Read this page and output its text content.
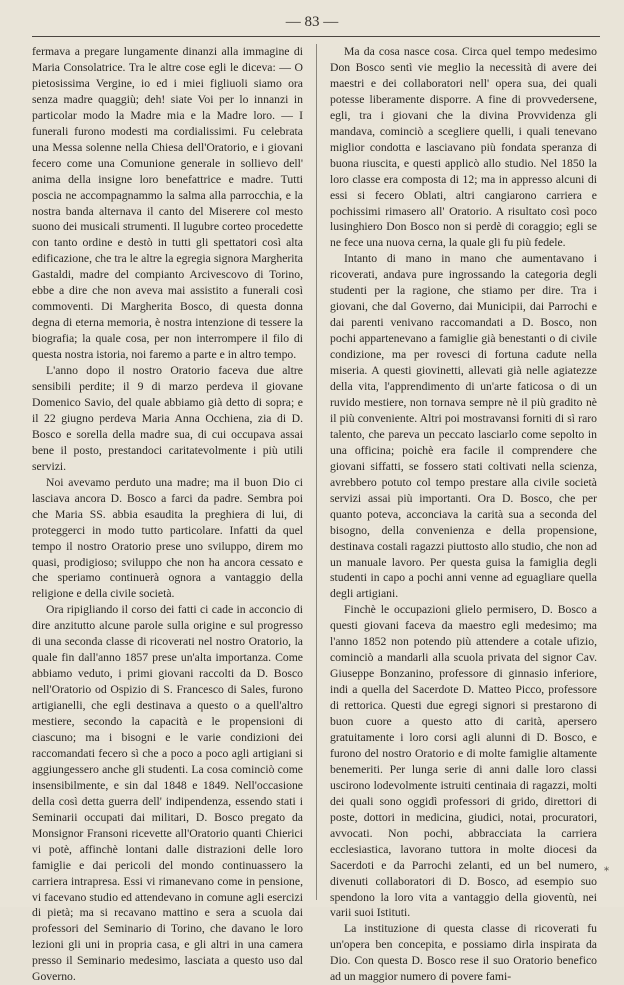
— 83 —

fermava a pregare lungamente dinanzi alla immagine di Maria Consolatrice. Tra le altre cose egli le diceva: — O pietosissima Vergine, io ed i miei figliuoli siamo ora senza madre quaggiù; deh! siate Voi per lo innanzi in particolar modo la Madre mia e la Madre loro. — I funerali furono modesti ma cordialissimi. Fu celebrata una Messa solenne nella Chiesa dell'Oratorio, e i giovani fecero come una Comunione generale in sollievo dell' anima della insigne loro benefattrice e madre. Tutti poscia ne accompagnammo la salma alla parrocchia, e la nostra banda alternava il canto del Miserere col mesto suono dei musicali strumenti. Il lugubre corteo procedette con tanto ordine e destò in tutti gli spettatori così alta edificazione, che tra le altre la egregia signora Margherita Gastaldi, madre del compianto Arcivescovo di Torino, ebbe a dire che non aveva mai assistito a funerali così commoventi. Di Margherita Bosco, di questa donna degna di eterna memoria, è nostra intenzione di tessere la biografia; la quale cosa, per non interrompere il filo di questa nostra istoria, noi faremo a parte e in altro tempo.

L'anno dopo il nostro Oratorio faceva due altre sensibili perdite; il 9 di marzo perdeva il giovane Domenico Savio, del quale abbiamo già detto di sopra; e il 22 giugno perdeva Maria Anna Occhiena, zia di D. Bosco e sorella della madre sua, di cui occupava assai bene il posto, prestandoci caritatevolmente i più utili servizi.

Noi avevamo perduto una madre; ma il buon Dio ci lasciava ancora D. Bosco a farci da padre. Sembra poi che Maria SS. abbia esaudita la preghiera di lui, di proteggerci in modo tutto particolare. Infatti da quel tempo il nostro Oratorio prese uno sviluppo, direm mo quasi, prodigioso; sviluppo che non ha ancora cessato e che speriamo continuerà ognora a vantaggio della religione e della civile società.

Ora ripigliando il corso dei fatti ci cade in acconcio di dire anzitutto alcune parole sulla origine e sul progresso di una seconda classe di ricoverati nel nostro Oratorio, la quale fin dall'anno 1857 prese un'alta importanza. Come abbiamo veduto, i primi giovani raccolti da D. Bosco nell'Oratorio od Ospizio di S. Francesco di Sales, furono artigianelli, che egli destinava a questo o a quell'altro mestiere, secondo la capacità e le propensioni di ciascuno; ma i bisogni e le varie condizioni dei raccomandati fecero sì che a poco a poco agli artigiani si aggiungessero anche gli studenti. La cosa cominciò come insensibilmente, e sin dal 1848 e 1849. Nell'occasione della così detta guerra dell' indipendenza, essendo stati i Seminarii occupati dai militari, D. Bosco pregato da Monsignor Fransoni ricevette all'Oratorio quanti Chierici vi potè, affinchè lontani dalle distrazioni delle loro famiglie e dai pericoli del mondo continuassero la carriera intrapresa. Essi vi rimanevano come in pensione, vi facevano studio ed attendevano in comune agli esercizi di pietà; ma si recavano mattino e sera a scuola dai professori del Seminario di Torino, che davano le loro lezioni gli uni in propria casa, e gli altri in una camera presso il Seminario medesimo, lasciata a questo uso dal Governo.

Ma da cosa nasce cosa. Circa quel tempo medesimo Don Bosco sentì vie meglio la necessità di avere dei maestri e dei collaboratori nell' opera sua, dei quali potesse liberamente disporre. A fine di provvedersene, egli, tra i giovani che la divina Provvidenza gli mandava, cominciò a scegliere quelli, i quali tenevano miglior condotta e lasciavano più fondata speranza di buona riuscita, e questi applicò allo studio. Nel 1850 la loro classe era composta di 12; ma in appresso alcuni di essi si fecero Oblati, altri cangiarono carriera e pochissimi rimasero all' Oratorio. A risultato così poco lusinghiero Don Bosco non si perdè di coraggio; egli se ne fece una nuova cerna, la quale gli fu più fedele.

Intanto di mano in mano che aumentavano i ricoverati, andava pure ingrossando la categoria degli studenti per la ragione, che stiamo per dire. Tra i giovani, che dal Governo, dai Municipii, dai Parrochi e dai parenti venivano raccomandati a D. Bosco, non pochi appartenevano a famiglie già benestanti o di civile condizione, ma per rovesci di fortuna cadute nella miseria. A questi giovinetti, allevati già nelle agiatezze della vita, l'apprendimento di un'arte faticosa o di un ruvido mestiere, non tornava sempre nè il più gradito nè il più conveniente. Altri poi mostravansi forniti di sì raro talento, che pareva un peccato lasciarlo come sepolto in una officina; poichè era facile il comprendere che giovani siffatti, se fossero stati coltivati nella scienza, avrebbero potuto col tempo prestare alla civile società servizi assai più importanti. Ora D. Bosco, che per quanto poteva, acconciava la carità sua a seconda del bisogno, della convenienza e della propensione, destinava costali ragazzi piuttosto allo studio, che non ad un manuale lavoro. Per questa guisa la famiglia degli studenti in capo a pochi anni venne ad eguagliare quella degli artigiani.

Finchè le occupazioni glielo permisero, D. Bosco a questi giovani faceva da maestro egli medesimo; ma l'anno 1852 non potendo più attendere a cotale ufizio, cominciò a mandarli alla scuola privata del signor Cav. Giuseppe Bonzanino, professore di ginnasio inferiore, indi a quella del Sacerdote D. Matteo Picco, professore di rettorica. Questi due egregi signori si prestarono di buon cuore a questo atto di carità, apersero gratuitamente i loro corsi agli alunni di D. Bosco, e furono del nostro Oratorio e di molte famiglie altamente benemeriti. Per lunga serie di anni dalle loro classi uscirono lodevolmente istruiti centinaia di ragazzi, molti dei quali sono oggidì professori di grido, direttori di poste, dottori in medicina, giudici, notai, procuratori, avvocati. Non pochi, abbracciata la carriera ecclesiastica, lavorano tuttora in molte diocesi da Sacerdoti e da Parrochi zelanti, ed un bel numero, divenuti collaboratori di D. Bosco, ad esempio suo spendono la loro vita a vantaggio della gioventù, nei varii suoi Istituti.

La instituzione di questa classe di ricoverati fu un'opera ben concepita, e possiamo dirla inspirata da Dio. Con questa D. Bosco rese il suo Oratorio benefico ad un maggior numero di povere fami-

*
